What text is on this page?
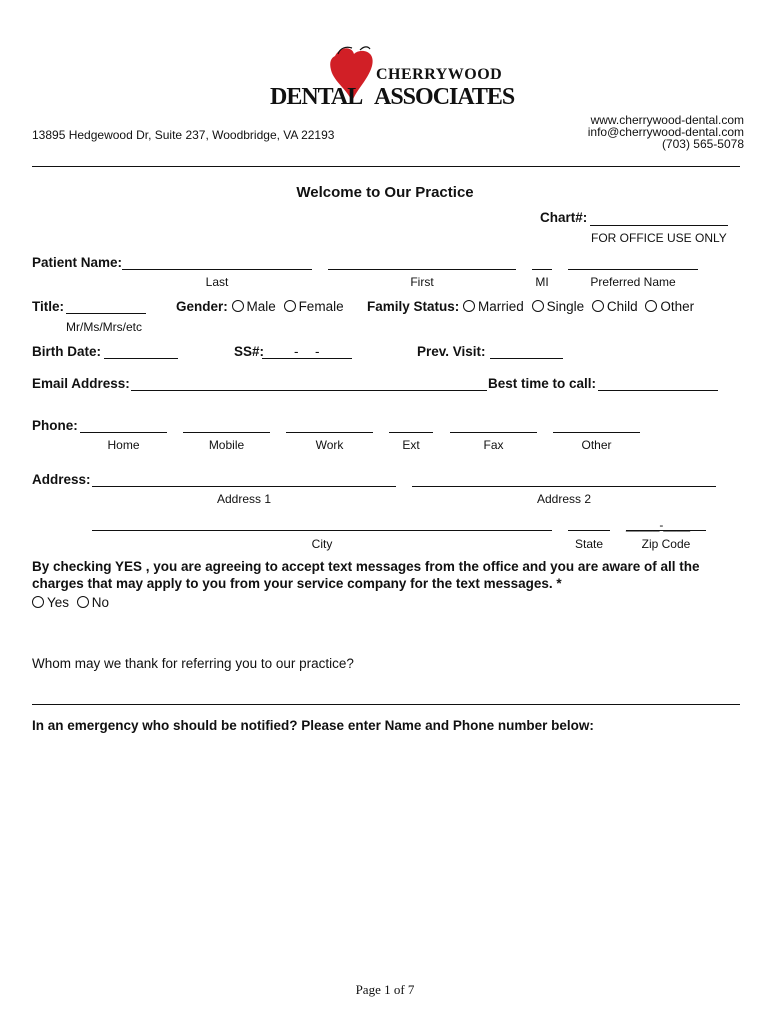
CHERRYWOOD
DENTAL ASSOCIATES
13895 Hedgewood Dr, Suite 237, Woodbridge, VA 22193
www.cherrywood-dental.com
info@cherrywood-dental.com
(703) 565-5078
Welcome to Our Practice
Chart#:
FOR OFFICE USE ONLY
Patient Name:
Last	First	MI	Preferred Name
Title:
Mr/Ms/Mrs/etc
Gender: Male Female Family Status: Married Single Child Other
Birth Date:	SS#: ___-__-____	Prev. Visit:
Email Address:	Best time to call:
Phone:
Home	Mobile	Work	Ext	Fax	Other
Address:
Address 1	Address 2
_____-____
City	State	Zip Code
By checking YES , you are agreeing to accept text messages from the office and you are aware of all the charges that may apply to you from your service company for the text messages. *
Yes No
Whom may we thank for referring you to our practice?
In an emergency who should be notified? Please enter Name and Phone number below:
Page 1 of 7
